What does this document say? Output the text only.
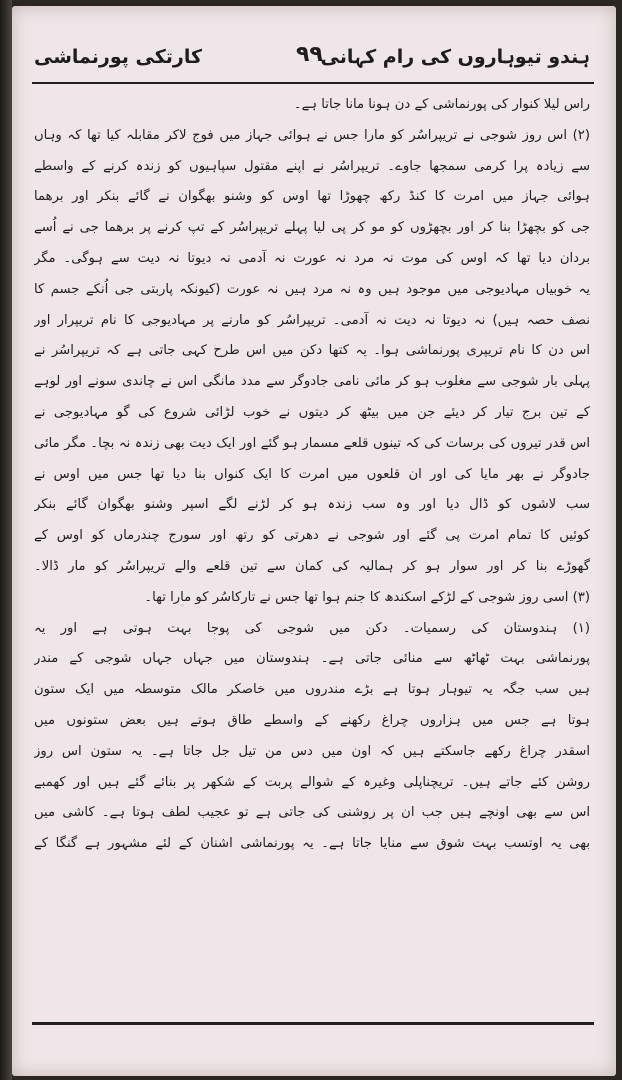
ہندو تیوہاروں کی رام کہانی
۹۹
کارتکی پورنماشی
راس لیلا کنوار کی پورنماشی کے دن ہونا مانا جاتا ہے۔
(۲) اس روز شوجی نے تریپراسُر کو مارا جس نے ہوائی جہاز میں فوج لاکر مقابلہ کیا تھا کہ وہاں
سے زیادہ پرا کرمی سمجھا جاوے۔ تریپراسُر نے اپنے مقتول سپاہیوں کو زندہ کرنے کے واسطے
ہوائی جہاز میں امرت کا کنڈ رکھ چھوڑا تھا اوس کو وشنو بھگوان نے گائے بنکر اور برھما
جی کو بچھڑا بنا کر اور بچھڑوں کو مو کر پی لیا پہلے تریپراسُر کے تپ کرنے پر برھما جی نے اُسے
بردان دیا تھا کہ اوس کی موت نہ مرد نہ عورت نہ آدمی نہ دیوتا نہ دیت سے ہوگی۔ مگر
یہ خوبیاں مہادیوجی میں موجود ہیں وہ نہ مرد ہیں نہ عورت (کیونکہ پاربتی جی اُنکے جسم کا
نصف حصہ ہیں) نہ دیوتا نہ دیت نہ آدمی۔ تریپراسُر کو مارنے پر مہادیوجی کا نام تریپرار اور
اس دن کا نام تریپری پورنماشی ہوا۔ یہ کتھا دکن میں اس طرح کہی جاتی ہے کہ تریپراسُر نے
پہلی بار شوجی سے مغلوب ہو کر مائی نامی جادوگر سے مدد مانگی اس نے چاندی سونے اور لوہے
کے تین برج تیار کر دیئے جن میں بیٹھ کر دیتوں نے خوب لڑائی شروع کی گو مہادیوجی نے
اس قدر تیروں کی برسات کی کہ تینوں قلعے مسمار ہو گئے اور ایک دیت بھی زندہ نہ بچا۔ مگر مائی
جادوگر نے بھر مایا کی اور ان قلعوں میں امرت کا ایک کنواں بنا دیا تھا جس میں اوس نے
سب لاشوں کو ڈال دیا اور وہ سب زندہ ہو کر لڑنے لگے اسپر وشنو بھگوان گائے بنکر
کوئیں کا تمام امرت پی گئے اور شوجی نے دھرتی کو رتھ اور سورج چندرماں کو اوس کے
گھوڑے بنا کر اور سوار ہو کر ہمالیہ کی کمان سے تین قلعے والے تریپراسُر کو مار ڈالا۔
(۳) اسی روز شوجی کے لڑکے اسکندھ کا جنم ہوا تھا جس نے تارکاسُر کو مارا تھا۔
(۱) ہندوستان کی رسمیات۔ دکن میں شوجی کی پوجا بہت ہوتی ہے اور یہ
پورنماشی بہت ٹھاٹھ سے منائی جاتی ہے۔ ہندوستان میں جہاں جہاں شوجی کے مندر
ہیں سب جگہ یہ تیوہار ہوتا ہے بڑے مندروں میں خاصکر مالک متوسطہ میں ایک ستون
ہوتا ہے جس میں ہزاروں چراغ رکھنے کے واسطے طاق ہوتے ہیں بعض ستونوں میں
اسقدر چراغ رکھے جاسکتے ہیں کہ اون میں دس من تیل جل جاتا ہے۔ یہ ستون اس روز
روشن کئے جاتے ہیں۔ تریچناپلی وغیرہ کے شوالے پربت کے شکھر پر بنائے گئے ہیں اور کھمبے
اس سے بھی اونچے ہیں جب ان پر روشنی کی جاتی ہے تو عجیب لطف ہوتا ہے۔ کاشی میں
بھی یہ اوتسب بہت شوق سے منایا جاتا ہے۔ یہ پورنماشی اشنان کے لئے مشہور ہے گنگا کے
